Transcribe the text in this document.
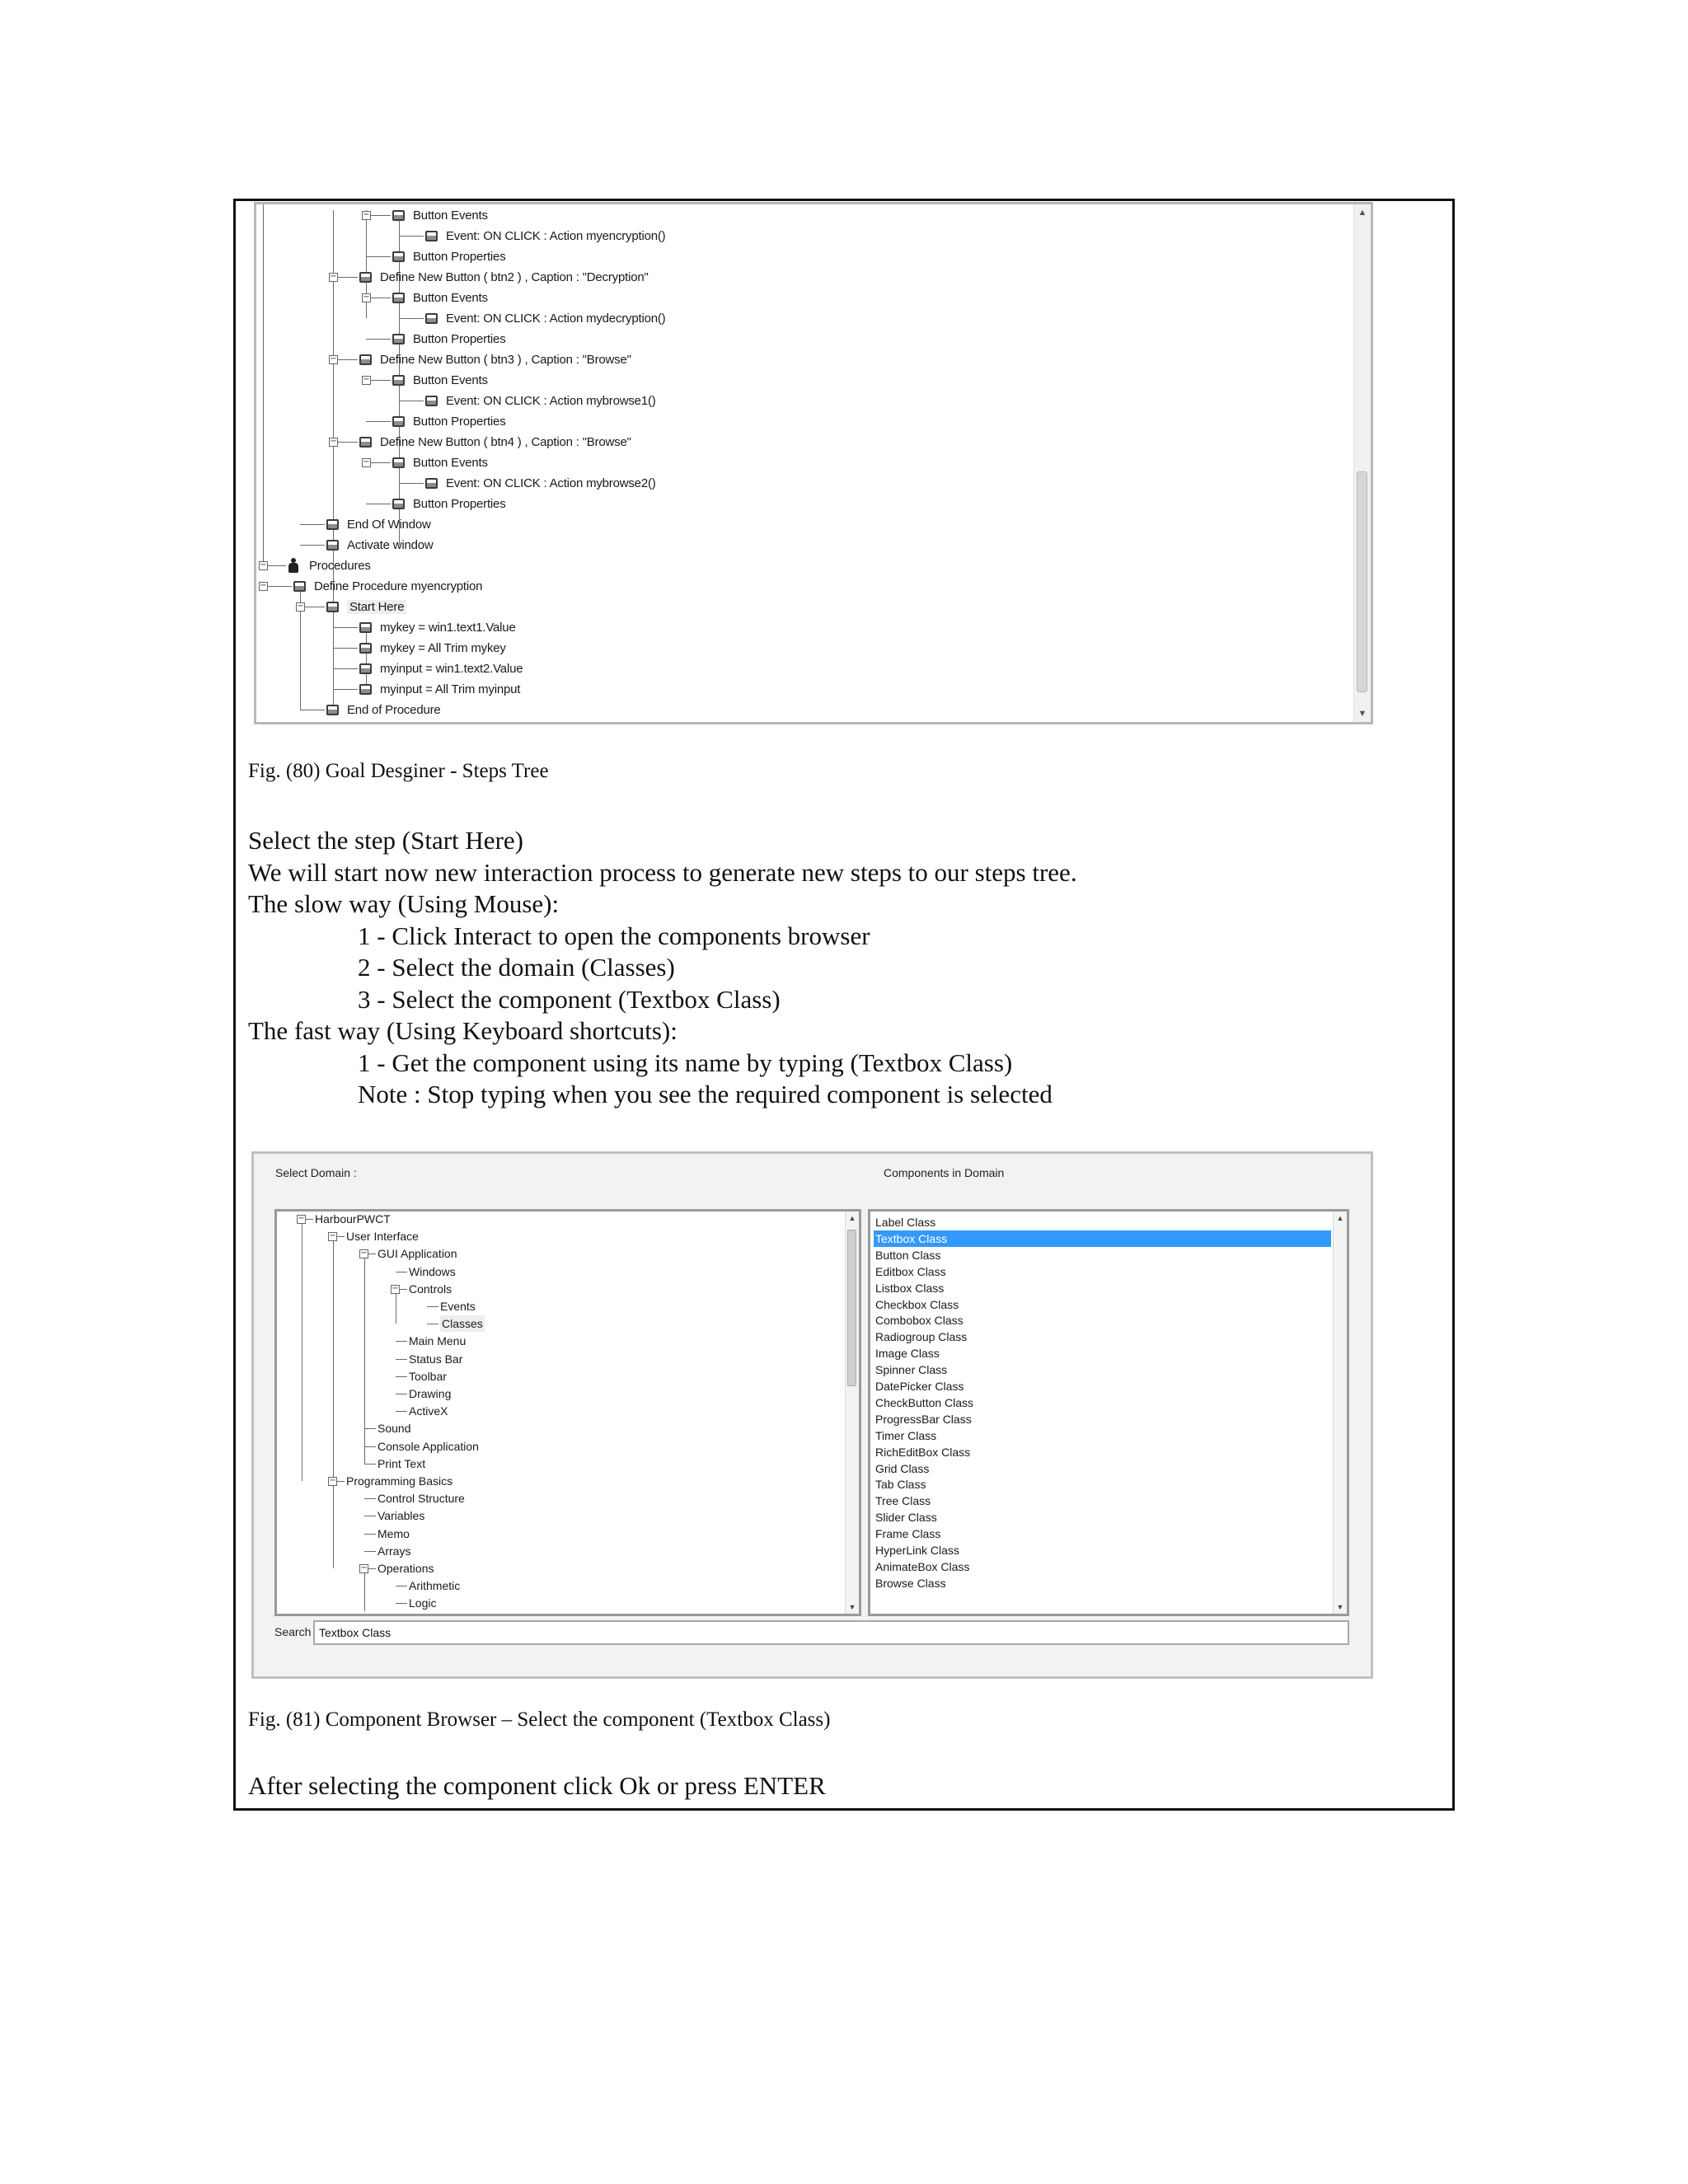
Button Events
−
Event: ON CLICK : Action myencryption()
Button Properties
Define New Button ( btn2 ) , Caption : "Decryption"
−
Button Events
−
Event: ON CLICK : Action mydecryption()
Button Properties
Define New Button ( btn3 ) , Caption : "Browse"
−
Button Events
−
Event: ON CLICK : Action mybrowse1()
Button Properties
Define New Button ( btn4 ) , Caption : "Browse"
−
Button Events
−
Event: ON CLICK : Action mybrowse2()
Button Properties
End Of Window
Activate window
Procedures
−
Define Procedure myencryption
−
Start Here
−
mykey = win1.text1.Value
mykey = All Trim mykey
myinput = win1.text2.Value
myinput = All Trim myinput
End of Procedure
▲
▼
Fig. (80) Goal Desginer - Steps Tree
Select the step (Start Here)
We will start now new interaction process to generate new steps to our steps tree.
The slow way (Using Mouse):
1 - Click Interact to open the components browser
2 - Select the domain (Classes)
3 - Select the component (Textbox Class)
The fast way (Using Keyboard shortcuts):
1 - Get the component using its name by typing (Textbox Class)
Note : Stop typing when you see the required component is selected
Select Domain :	Components in Domain
HarbourPWCT
−
User Interface
−
GUI Application
−
Windows
Controls
−
Events
Classes
Main Menu
Status Bar
Toolbar
Drawing
ActiveX
Sound
Console Application
Print Text
Programming Basics
−
Control Structure
Variables
Memo
Arrays
Operations
−
Arithmetic
Logic
▲
▼
Label Class
Textbox Class
Button Class
Editbox Class
Listbox Class
Checkbox Class
Combobox Class
Radiogroup Class
Image Class
Spinner Class
DatePicker Class
CheckButton Class
ProgressBar Class
Timer Class
RichEditBox Class
Grid Class
Tab Class
Tree Class
Slider Class
Frame Class
HyperLink Class
AnimateBox Class
Browse Class
▲
▼
Search
Textbox Class
Fig. (81) Component Browser – Select the component (Textbox Class)
After selecting the component click Ok or press ENTER
